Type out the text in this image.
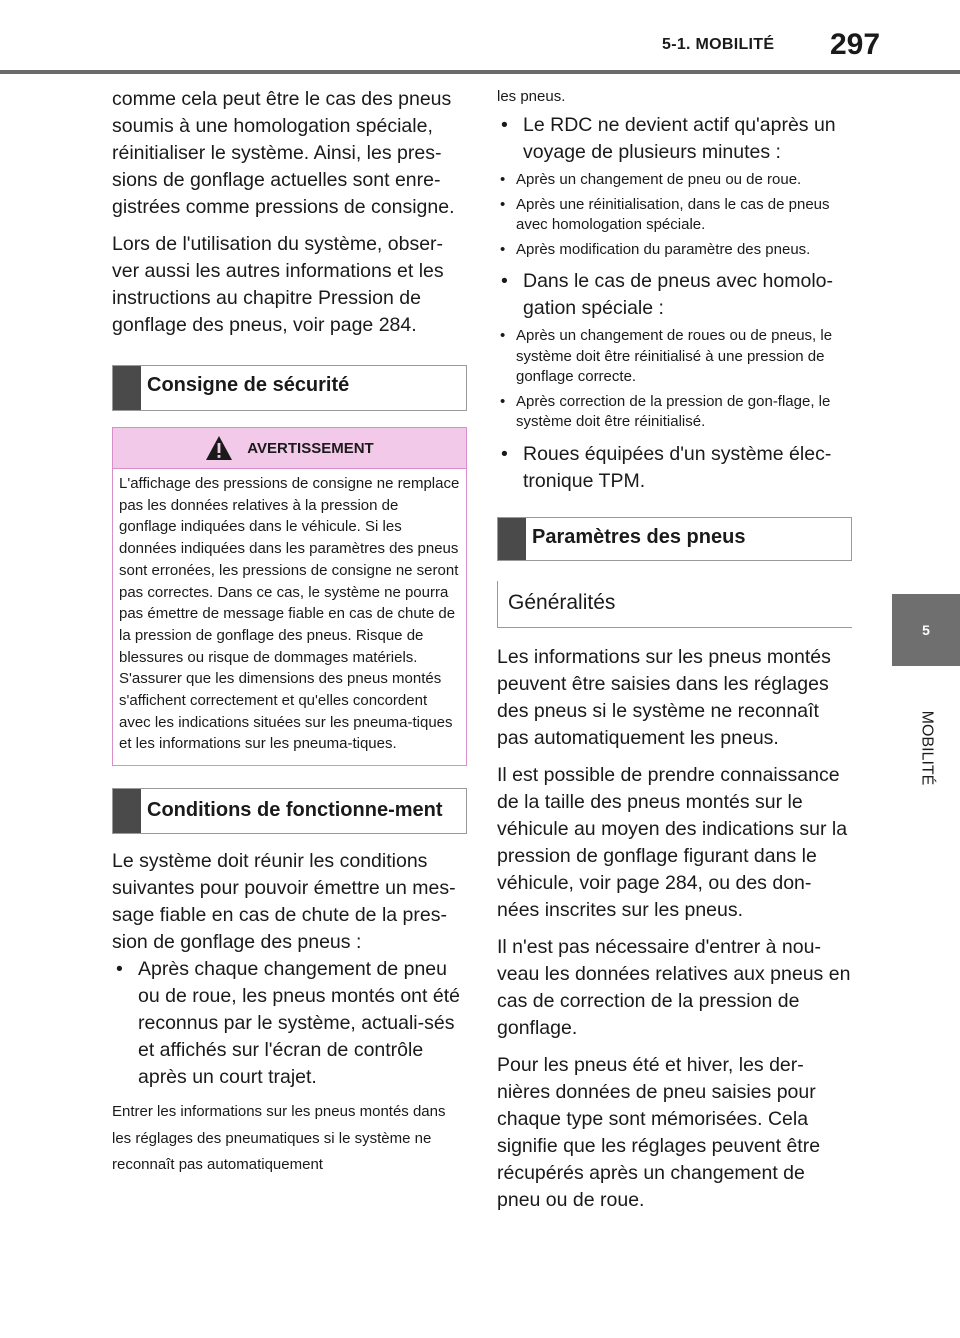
5-1. MOBILITÉ 297
5
MOBILITÉ

comme cela peut être le cas des pneus soumis à une homologation spéciale, réinitialiser le système. Ainsi, les pres-sions de gonflage actuelles sont enre-gistrées comme pressions de consigne.

Lors de l'utilisation du système, obser-ver aussi les autres informations et les instructions au chapitre Pression de gonflage des pneus, voir page 284.

Consigne de sécurité
AVERTISSEMENT
L'affichage des pressions de consigne ne remplace pas les données relatives à la pression de gonflage indiquées dans le véhicule. Si les données indiquées dans les paramètres des pneus sont erronées, les pressions de consigne ne seront pas correctes. Dans ce cas, le système ne pourra pas émettre de message fiable en cas de chute de la pression de gonflage des pneus. Risque de blessures ou risque de dommages matériels. S'assurer que les dimensions des pneus montés s'affichent correctement et qu'elles concordent avec les indications situées sur les pneuma-tiques et les informations sur les pneuma-tiques.
Conditions de fonctionne-ment

Le système doit réunir les conditions suivantes pour pouvoir émettre un mes-sage fiable en cas de chute de la pres-sion de gonflage des pneus :

• Après chaque changement de pneu ou de roue, les pneus montés ont été reconnus par le système, actuali-sés et affichés sur l'écran de contrôle après un court trajet.

Entrer les informations sur les pneus montés dans les réglages des pneumatiques si le système ne reconnaît pas automatiquement

les pneus.

• Le RDC ne devient actif qu'après un voyage de plusieurs minutes :
• Après un changement de pneu ou de roue.
• Après une réinitialisation, dans le cas de pneus avec homologation spéciale.
• Après modification du paramètre des pneus.
• Dans le cas de pneus avec homolo-gation spéciale :
• Après un changement de roues ou de pneus, le système doit être réinitialisé à une pression de gonflage correcte.
• Après correction de la pression de gon-flage, le système doit être réinitialisé.
• Roues équipées d'un système élec-tronique TPM.
Paramètres des pneus
Généralités

Les informations sur les pneus montés peuvent être saisies dans les réglages des pneus si le système ne reconnaît pas automatiquement les pneus.

Il est possible de prendre connaissance de la taille des pneus montés sur le véhicule au moyen des indications sur la pression de gonflage figurant dans le véhicule, voir page 284, ou des don-nées inscrites sur les pneus.

Il n'est pas nécessaire d'entrer à nou-veau les données relatives aux pneus en cas de correction de la pression de gonflage.

Pour les pneus été et hiver, les der-nières données de pneu saisies pour chaque type sont mémorisées. Cela signifie que les réglages peuvent être récupérés après un changement de pneu ou de roue.
